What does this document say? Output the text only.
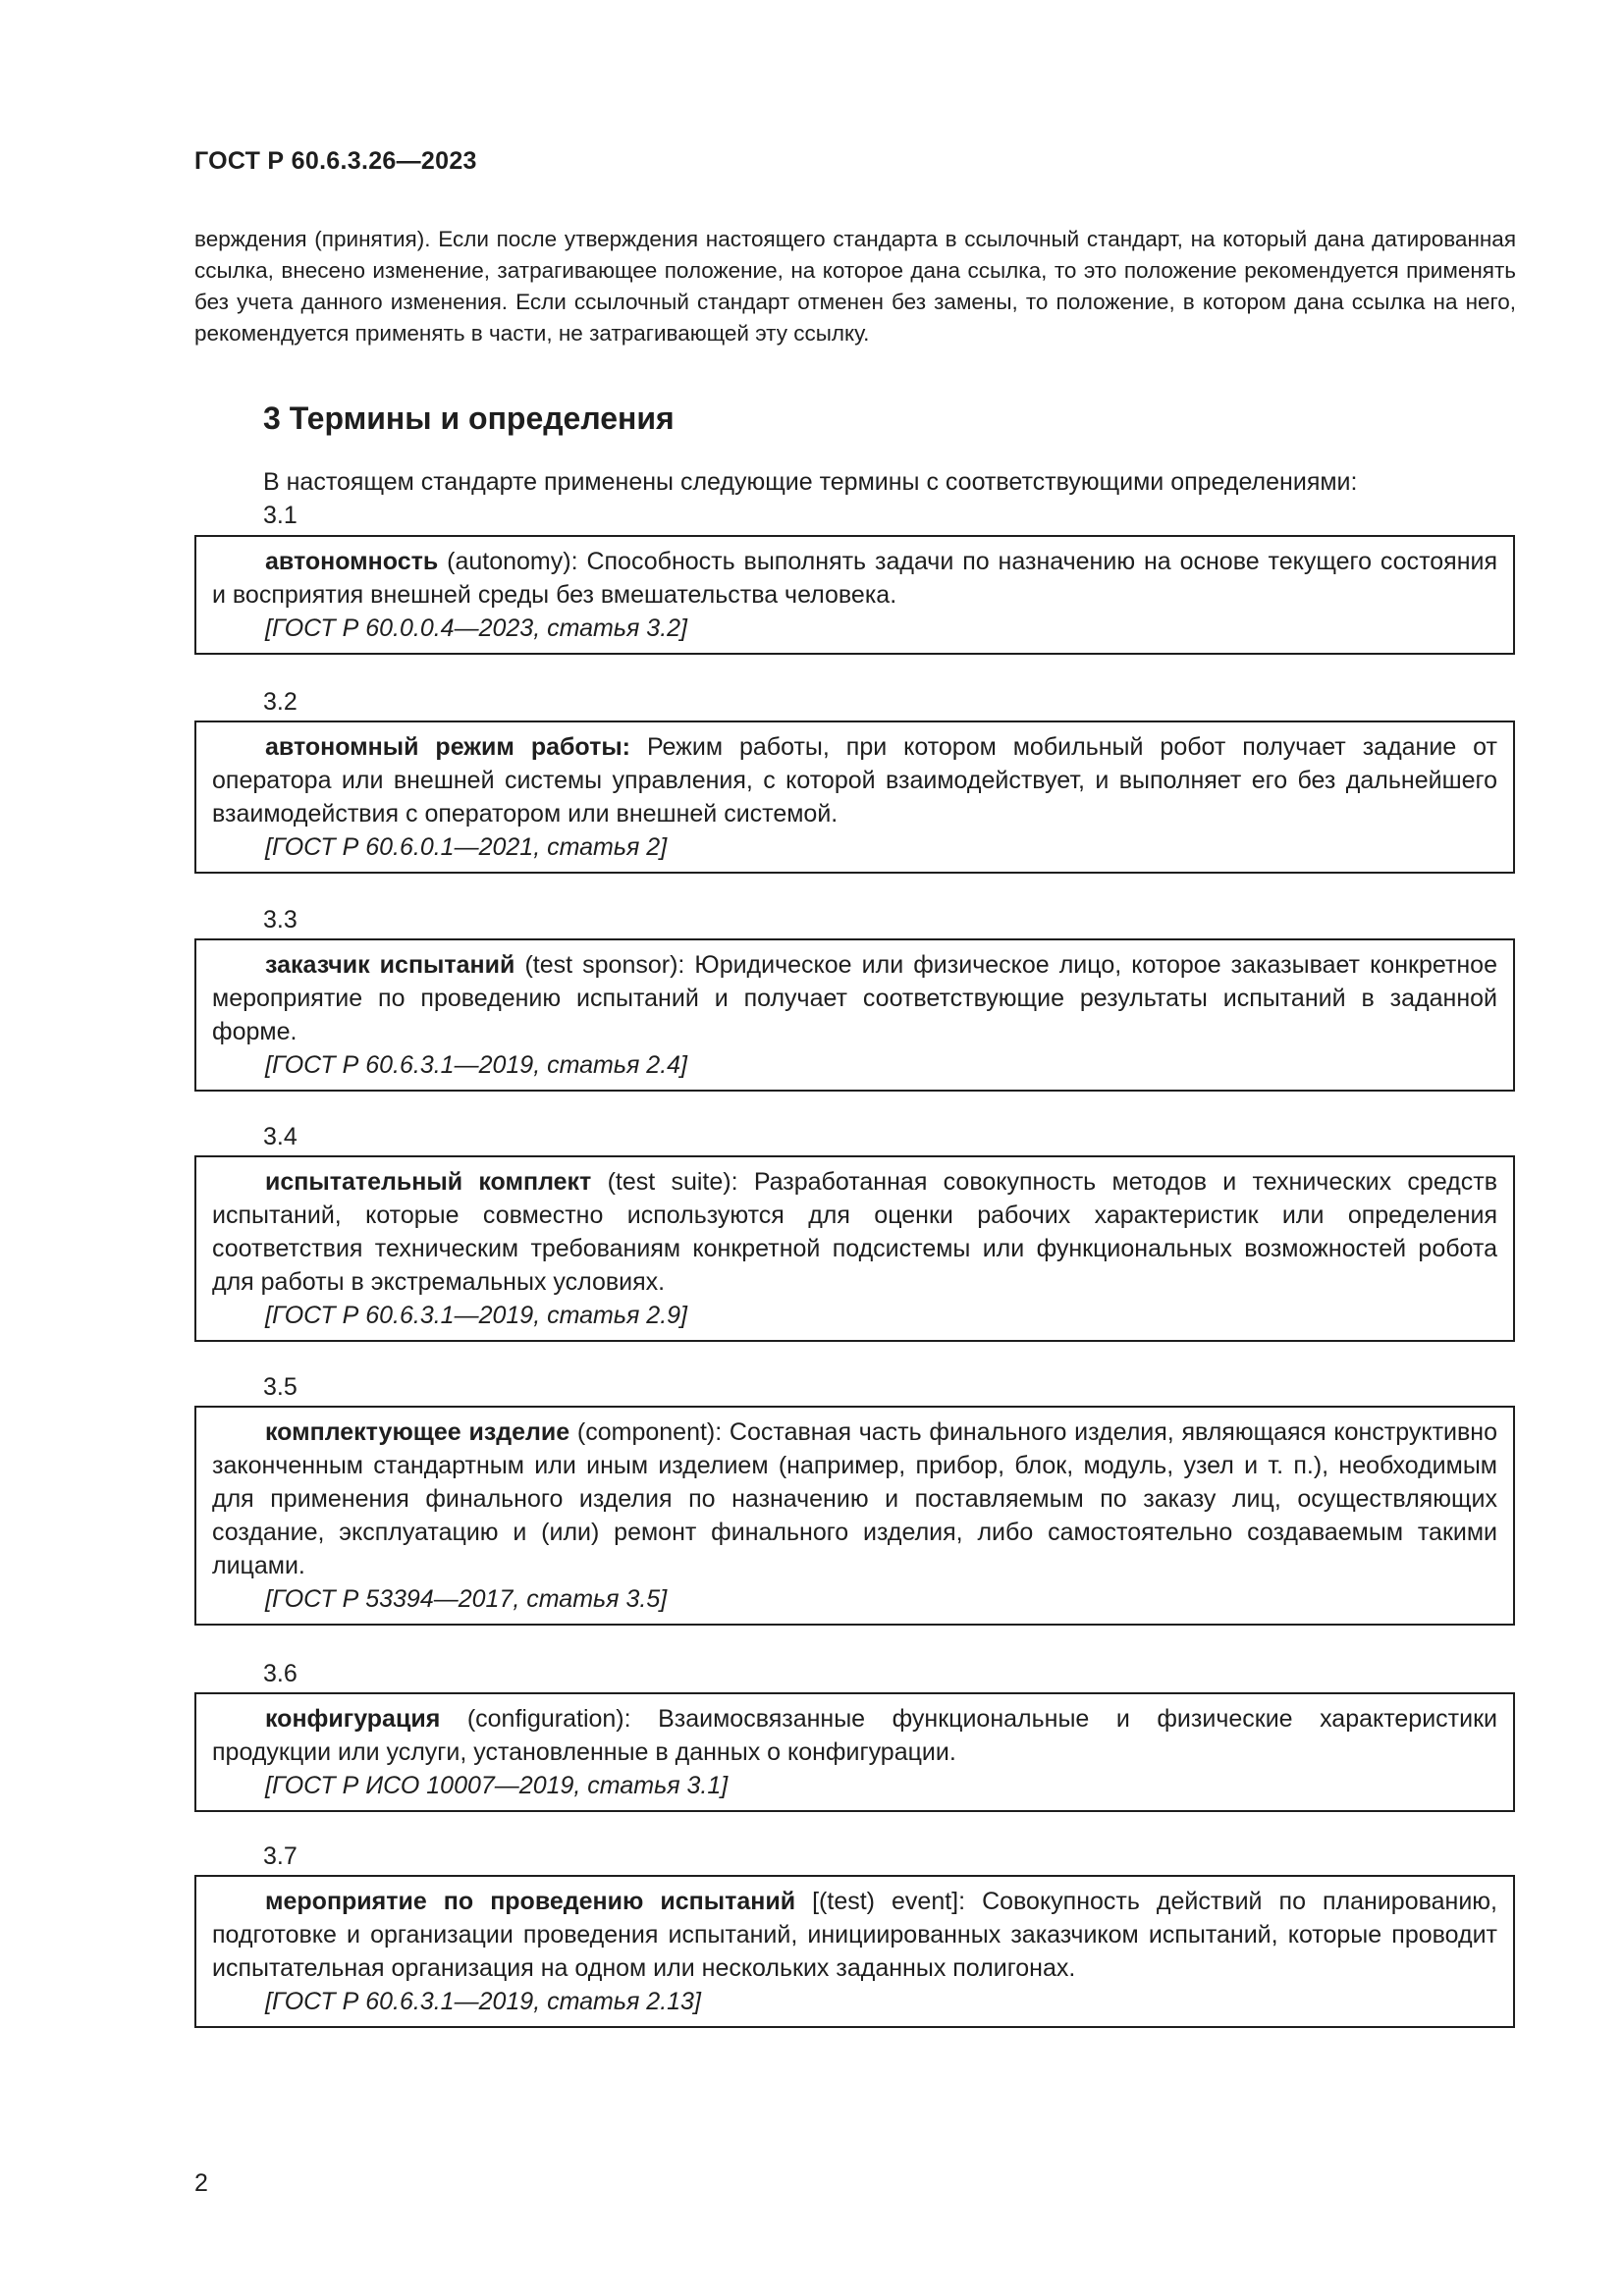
ГОСТ Р 60.6.3.26—2023
верждения (принятия). Если после утверждения настоящего стандарта в ссылочный стандарт, на который дана датированная ссылка, внесено изменение, затрагивающее положение, на которое дана ссылка, то это положение рекомендуется применять без учета данного изменения. Если ссылочный стандарт отменен без замены, то положение, в котором дана ссылка на него, рекомендуется применять в части, не затрагивающей эту ссылку.
3 Термины и определения
В настоящем стандарте применены следующие термины с соответствующими определениями:
3.1
автономность (autonomy): Способность выполнять задачи по назначению на основе текущего состояния и восприятия внешней среды без вмешательства человека.
[ГОСТ Р 60.0.0.4—2023, статья 3.2]
3.2
автономный режим работы: Режим работы, при котором мобильный робот получает задание от оператора или внешней системы управления, с которой взаимодействует, и выполняет его без дальнейшего взаимодействия с оператором или внешней системой.
[ГОСТ Р 60.6.0.1—2021, статья 2]
3.3
заказчик испытаний (test sponsor): Юридическое или физическое лицо, которое заказывает конкретное мероприятие по проведению испытаний и получает соответствующие результаты испытаний в заданной форме.
[ГОСТ Р 60.6.3.1—2019, статья 2.4]
3.4
испытательный комплект (test suite): Разработанная совокупность методов и технических средств испытаний, которые совместно используются для оценки рабочих характеристик или определения соответствия техническим требованиям конкретной подсистемы или функциональных возможностей робота для работы в экстремальных условиях.
[ГОСТ Р 60.6.3.1—2019, статья 2.9]
3.5
комплектующее изделие (component): Составная часть финального изделия, являющаяся конструктивно законченным стандартным или иным изделием (например, прибор, блок, модуль, узел и т. п.), необходимым для применения финального изделия по назначению и поставляемым по заказу лиц, осуществляющих создание, эксплуатацию и (или) ремонт финального изделия, либо самостоятельно создаваемым такими лицами.
[ГОСТ Р 53394—2017, статья 3.5]
3.6
конфигурация (configuration): Взаимосвязанные функциональные и физические характеристики продукции или услуги, установленные в данных о конфигурации.
[ГОСТ Р ИСО 10007—2019, статья 3.1]
3.7
мероприятие по проведению испытаний [(test) event]: Совокупность действий по планированию, подготовке и организации проведения испытаний, инициированных заказчиком испытаний, которые проводит испытательная организация на одном или нескольких заданных полигонах.
[ГОСТ Р 60.6.3.1—2019, статья 2.13]
2
